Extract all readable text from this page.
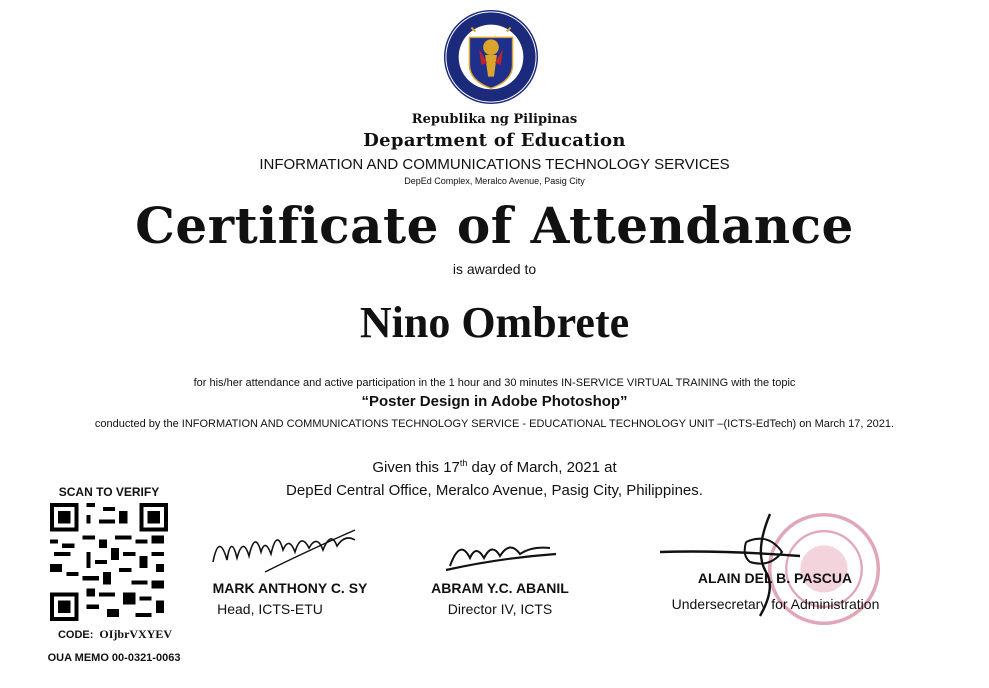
Republika ng Pilipinas
Department of Education
INFORMATION AND COMMUNICATIONS TECHNOLOGY SERVICES
DepEd Complex, Meralco Avenue, Pasig City
Certificate of Attendance
is awarded to
Nino Ombrete
for his/her attendance and active participation in the 1 hour and 30 minutes IN-SERVICE VIRTUAL TRAINING with the topic
“Poster Design in Adobe Photoshop”
conducted by the INFORMATION AND COMMUNICATIONS TECHNOLOGY SERVICE - EDUCATIONAL TECHNOLOGY UNIT –(ICTS-EdTech) on March 17, 2021.
Given this 17th day of March, 2021 at
DepEd Central Office, Meralco Avenue, Pasig City, Philippines.
SCAN TO VERIFY
CODE: OIjbrVXYEV
OUA MEMO 00-0321-0063
MARK ANTHONY C. SY
Head, ICTS-ETU
ABRAM Y.C. ABANIL
Director IV, ICTS
ALAIN DEL B. PASCUA
Undersecretary for Administration
